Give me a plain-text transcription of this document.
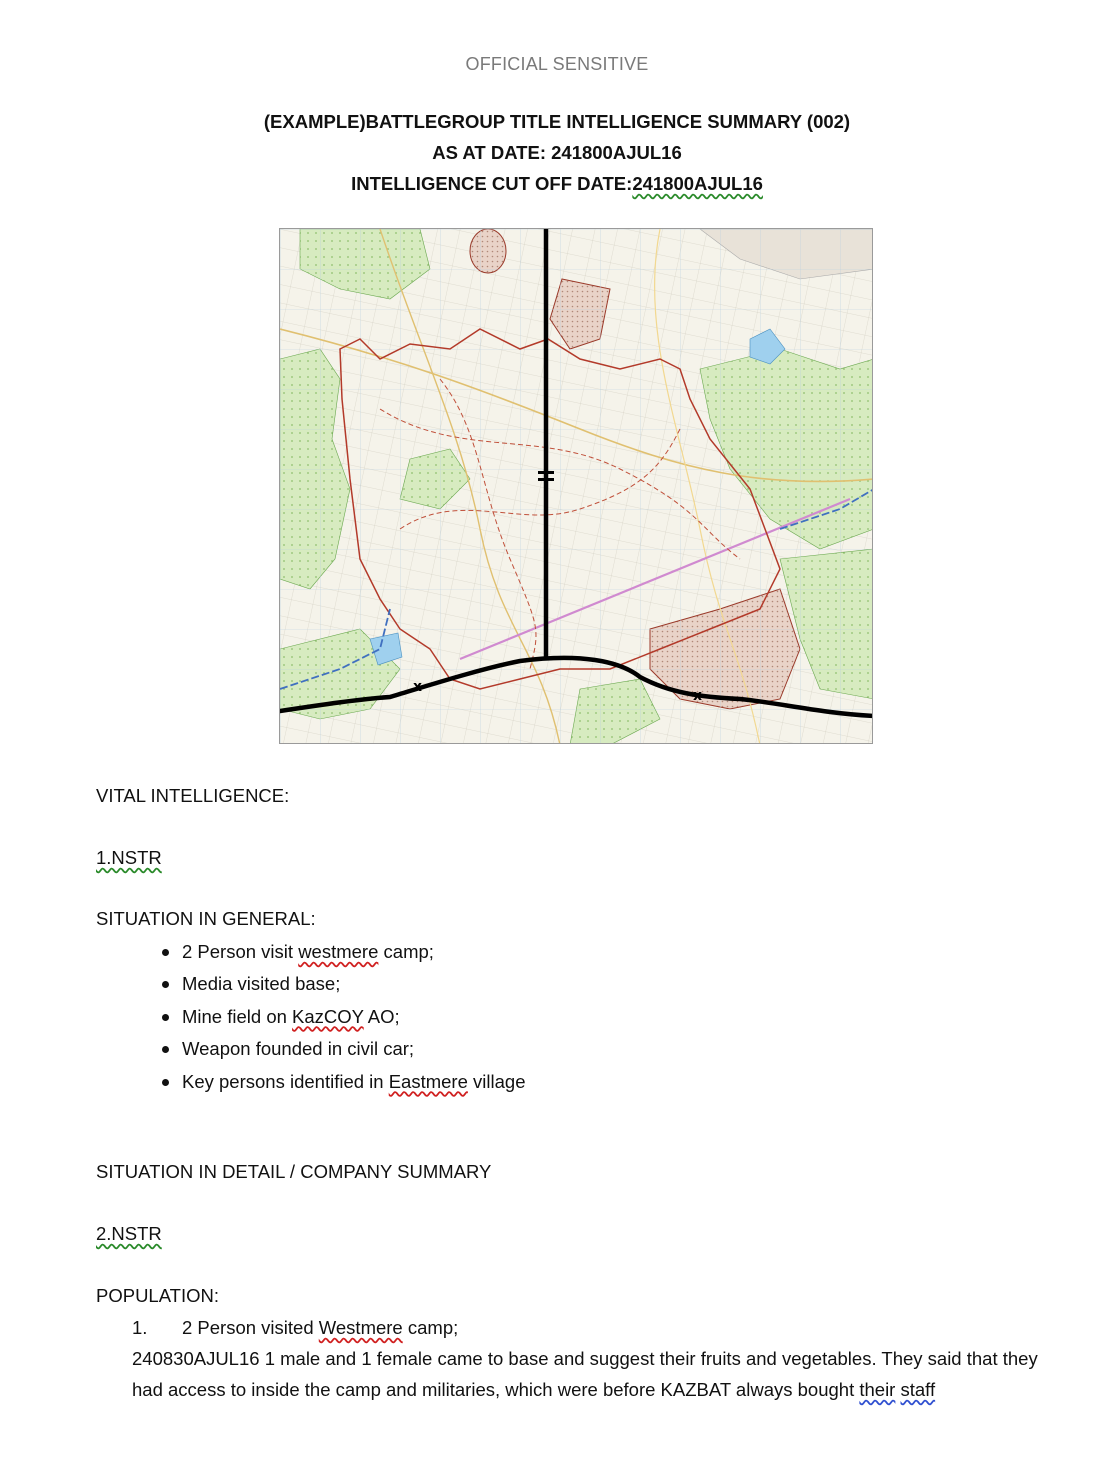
OFFICIAL SENSITIVE
(EXAMPLE)BATTLEGROUP TITLE INTELLIGENCE SUMMARY (002)
AS AT DATE: 241800AJUL16
INTELLIGENCE CUT OFF DATE:241800AJUL16
=
x
x
VITAL INTELLIGENCE:
1.NSTR
SITUATION IN GENERAL:
2 Person visit westmere camp;
Media visited base;
Mine field on KazCOY AO;
Weapon founded in civil car;
Key persons identified in Eastmere village
SITUATION IN DETAIL / COMPANY SUMMARY
2.NSTR
POPULATION:
1. 2 Person visited Westmere camp;
240830AJUL16 1 male and 1 female came to base and suggest their fruits and vegetables. They said that they had access to inside the camp and militaries, which were before KAZBAT always bought their staff
